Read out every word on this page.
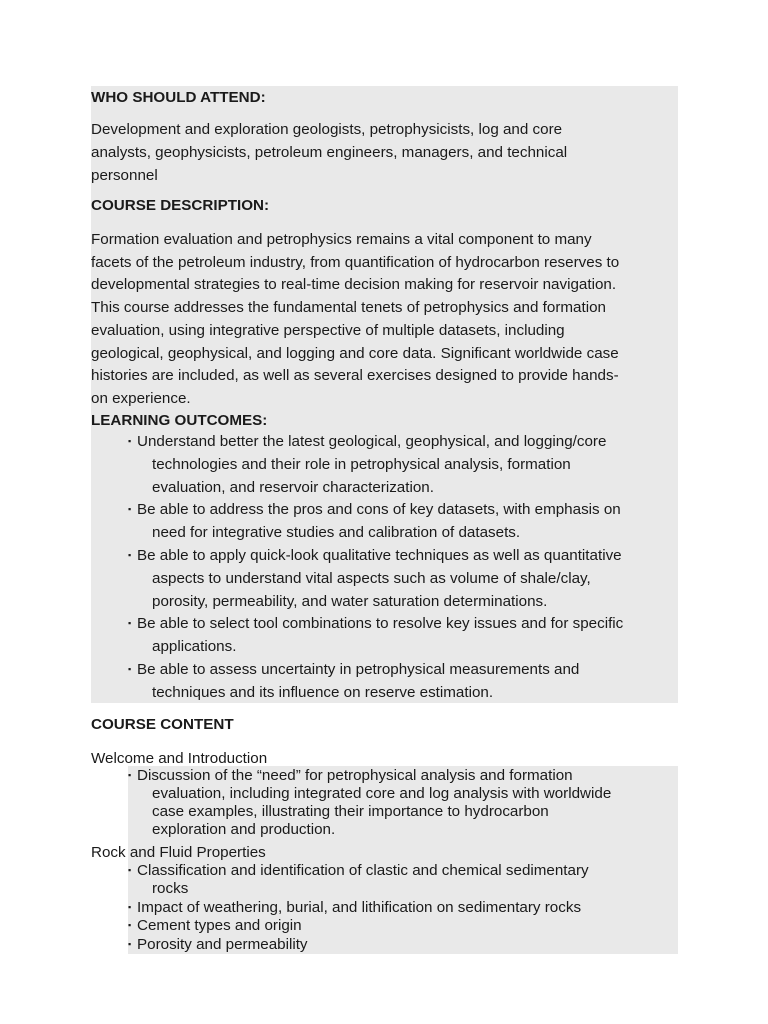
WHO SHOULD ATTEND:
Development and exploration geologists, petrophysicists, log and core
analysts, geophysicists, petroleum engineers, managers, and technical
personnel
COURSE DESCRIPTION:
Formation evaluation and petrophysics remains a vital component to many
facets of the petroleum industry, from quantification of hydrocarbon reserves to
developmental strategies to real-time decision making for reservoir navigation.
This course addresses the fundamental tenets of petrophysics and formation
evaluation, using integrative perspective of multiple datasets, including
geological, geophysical, and logging and core data. Significant worldwide case
histories are included, as well as several exercises designed to provide hands-
on experience.
LEARNING OUTCOMES:
▪ Understand better the latest geological, geophysical, and logging/core
technologies and their role in petrophysical analysis, formation
evaluation, and reservoir characterization.
▪ Be able to address the pros and cons of key datasets, with emphasis on
need for integrative studies and calibration of datasets.
▪ Be able to apply quick-look qualitative techniques as well as quantitative
aspects to understand vital aspects such as volume of shale/clay,
porosity, permeability, and water saturation determinations.
▪ Be able to select tool combinations to resolve key issues and for specific
applications.
▪ Be able to assess uncertainty in petrophysical measurements and
techniques and its influence on reserve estimation.
COURSE CONTENT
Welcome and Introduction
▪ Discussion of the “need” for petrophysical analysis and formation
evaluation, including integrated core and log analysis with worldwide
case examples, illustrating their importance to hydrocarbon
exploration and production.
Rock and Fluid Properties
▪ Classification and identification of clastic and chemical sedimentary
rocks
▪ Impact of weathering, burial, and lithification on sedimentary rocks
▪ Cement types and origin
▪ Porosity and permeability
